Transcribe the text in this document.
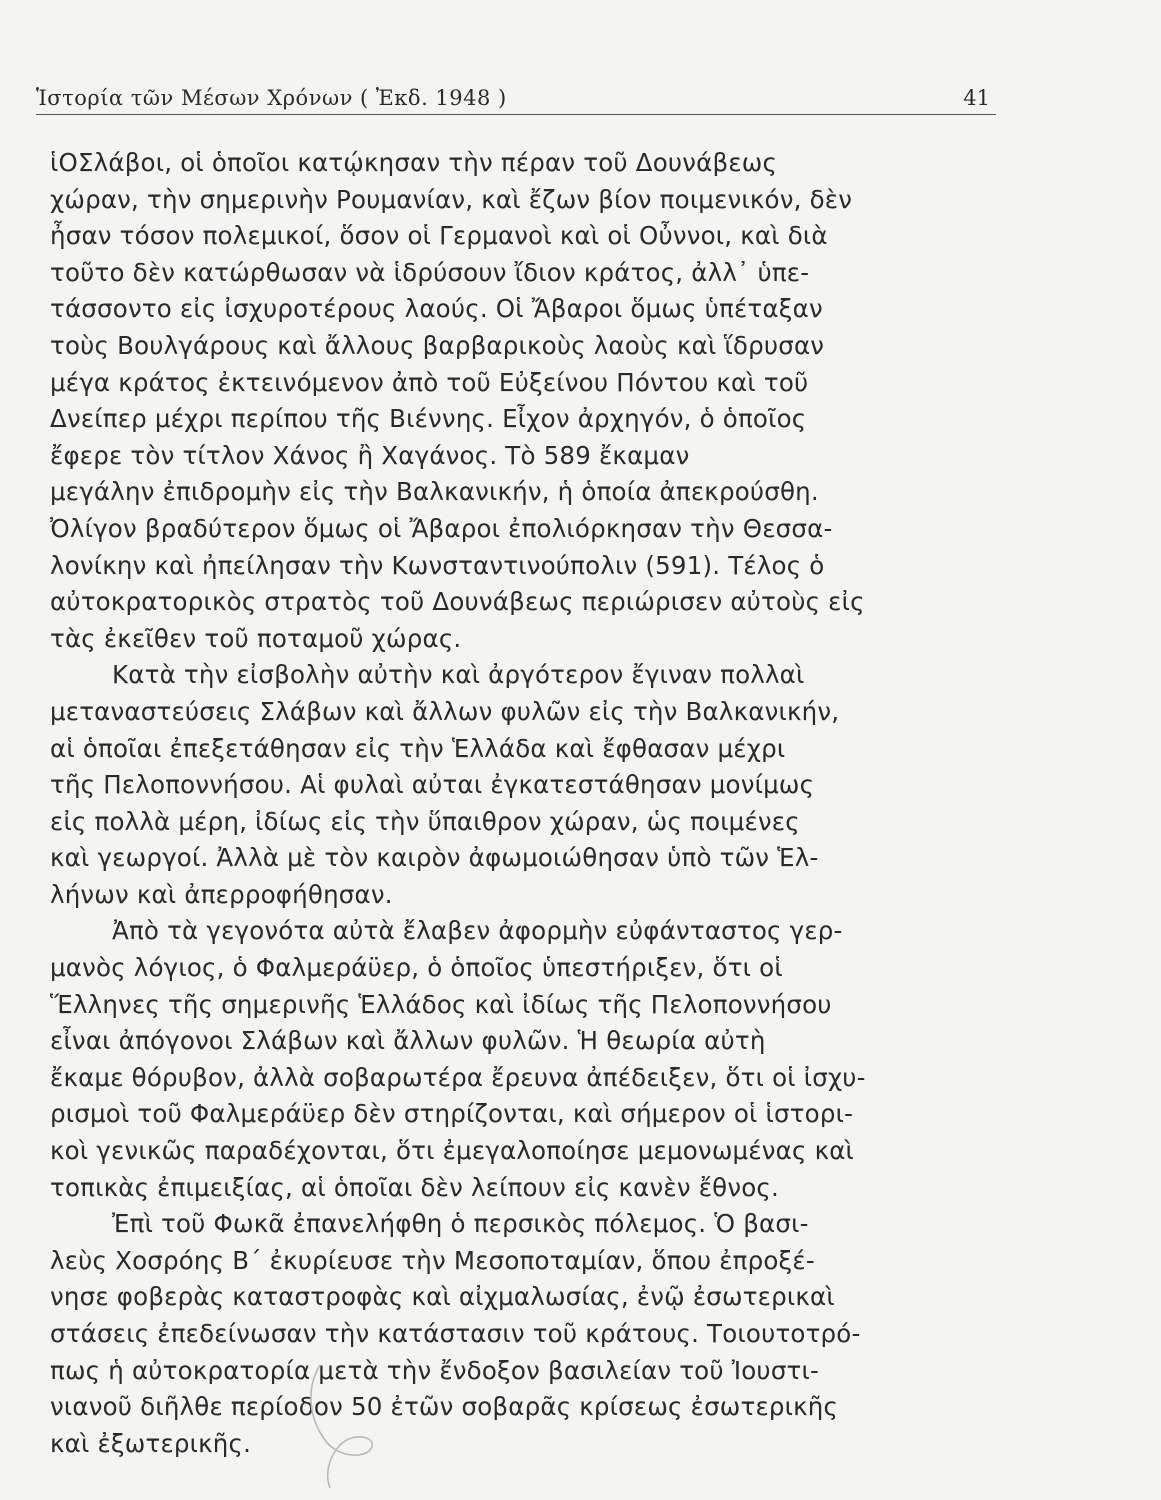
Ἱστορία τῶν Μέσων Χρόνων ( Ἐκδ. 1948 )	41
ἱΟΣλάβοι, οἱ ὁποῖοι κατῴκησαν τὴν πέραν τοῦ Δουνάβεως
χώραν, τὴν σημερινὴν Ρουμανίαν, καὶ ἔζων βίον ποιμενικόν, δὲν
ἦσαν τόσον πολεμικοί, ὅσον οἱ Γερμανοὶ καὶ οἱ Οὖννοι, καὶ διὰ
τοῦτο δὲν κατώρθωσαν νὰ ἱδρύσουν ἴδιον κράτος, ἀλλ᾿ ὑπε-
τάσσοντο εἰς ἰσχυροτέρους λαούς. Οἱ Ἄβαροι ὅμως ὑπέταξαν
τοὺς Βουλγάρους καὶ ἄλλους βαρβαρικοὺς λαοὺς καὶ ἵδρυσαν
μέγα κράτος ἐκτεινόμενον ἀπὸ τοῦ Εὐξείνου Πόντου καὶ τοῦ
Δνείπερ μέχρι περίπου τῆς Βιέννης. Εἶχον ἀρχηγόν, ὁ ὁποῖος
ἔφερε τὸν τίτλον Χάνος ἢ Χαγάνος. Τὸ 589 ἔκαμαν
μεγάλην ἐπιδρομὴν εἰς τὴν Βαλκανικήν, ἡ ὁποία ἀπεκρούσθη.
Ὀλίγον βραδύτερον ὅμως οἱ Ἄβαροι ἐπολιόρκησαν τὴν Θεσσα-
λονίκην καὶ ἠπείλησαν τὴν Κωνσταντινούπολιν (591). Τέλος ὁ
αὐτοκρατορικὸς στρατὸς τοῦ Δουνάβεως περιώρισεν αὐτοὺς εἰς
τὰς ἐκεῖθεν τοῦ ποταμοῦ χώρας.
Κατὰ τὴν εἰσβολὴν αὐτὴν καὶ ἀργότερον ἔγιναν πολλαὶ
μεταναστεύσεις Σλάβων καὶ ἄλλων φυλῶν εἰς τὴν Βαλκανικήν,
αἱ ὁποῖαι ἐπεξετάθησαν εἰς τὴν Ἑλλάδα καὶ ἔφθασαν μέχρι
τῆς Πελοποννήσου. Αἱ φυλαὶ αὐται ἐγκατεστάθησαν μονίμως
εἰς πολλὰ μέρη, ἰδίως εἰς τὴν ὕπαιθρον χώραν, ὡς ποιμένες
καὶ γεωργοί. Ἀλλὰ μὲ τὸν καιρὸν ἀφωμοιώθησαν ὑπὸ τῶν Ἑλ-
λήνων καὶ ἀπερροφήθησαν.
Ἀπὸ τὰ γεγονότα αὐτὰ ἔλαβεν ἀφορμὴν εὐφάνταστος γερ-
μανὸς λόγιος, ὁ Φαλμεράϋερ, ὁ ὁποῖος ὑπεστήριξεν, ὅτι οἱ
Ἕλληνες τῆς σημερινῆς Ἑλλάδος καὶ ἰδίως τῆς Πελοποννήσου
εἶναι ἀπόγονοι Σλάβων καὶ ἄλλων φυλῶν. Ἡ θεωρία αὐτὴ
ἔκαμε θόρυβον, ἀλλὰ σοβαρωτέρα ἔρευνα ἀπέδειξεν, ὅτι οἱ ἰσχυ-
ρισμοὶ τοῦ Φαλμεράϋερ δὲν στηρίζονται, καὶ σήμερον οἱ ἱστορι-
κοὶ γενικῶς παραδέχονται, ὅτι ἐμεγαλοποίησε μεμονωμένας καὶ
τοπικὰς ἐπιμειξίας, αἱ ὁποῖαι δὲν λείπουν εἰς κανὲν ἔθνος.
Ἐπὶ τοῦ Φωκᾶ ἐπανελήφθη ὁ περσικὸς πόλεμος. Ὁ βασι-
λεὺς Χοσρόης Β΄ ἐκυρίευσε τὴν Μεσοποταμίαν, ὅπου ἐπροξέ-
νησε φοβερὰς καταστροφὰς καὶ αἰχμαλωσίας, ἐνῷ ἐσωτερικαὶ
στάσεις ἐπεδείνωσαν τὴν κατάστασιν τοῦ κράτους. Τοιουτοτρό-
πως ἡ αὐτοκρατορία μετὰ τὴν ἔνδοξον βασιλείαν τοῦ Ἰουστι-
νιανοῦ διῆλθε περίοδον 50 ἐτῶν σοβαρᾶς κρίσεως ἐσωτερικῆς
καὶ ἐξωτερικῆς.
